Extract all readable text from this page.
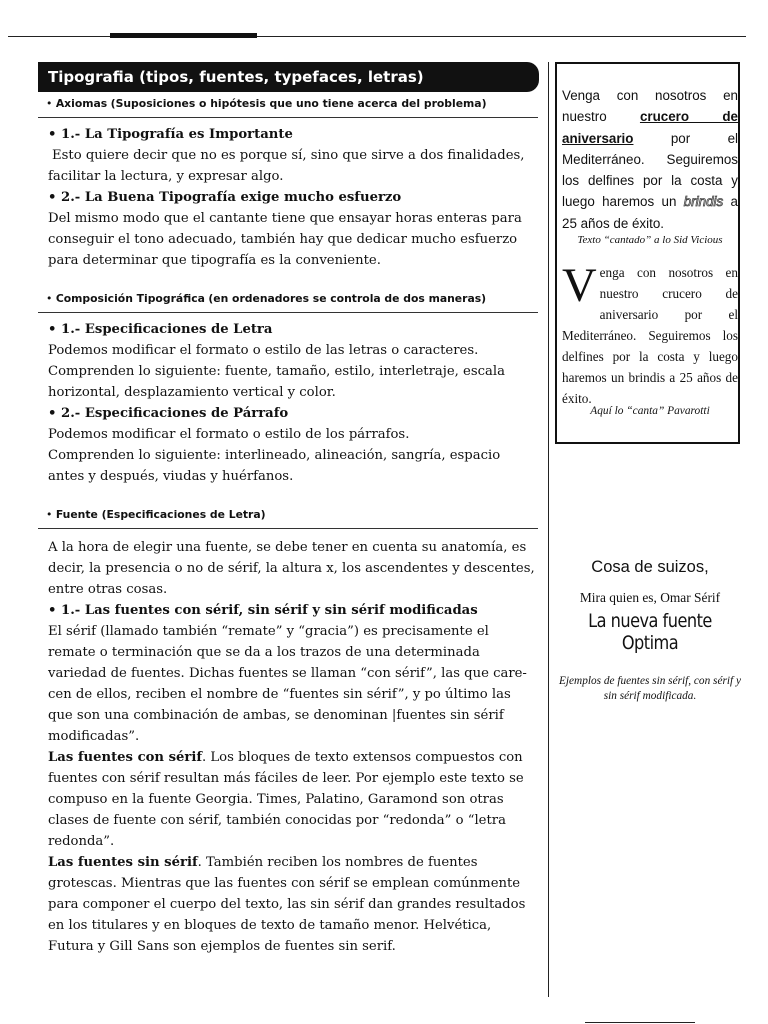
Tipografia (tipos, fuentes, typefaces, letras)
• Axiomas (Suposiciones o hipótesis que uno tiene acerca del problema)

• 1.- La Tipografía es Importante

Esto quiere decir que no es porque sí, sino que sirve a dos finalidades, facilitar la lectura, y expresar algo.

• 2.- La Buena Tipografía exige mucho esfuerzo

Del mismo modo que el cantante tiene que ensayar horas enteras para conseguir el tono adecuado, también hay que dedicar mucho esfuerzo para determinar que tipografía es la conveniente.

• Composición Tipográfica (en ordenadores se controla de dos maneras)

• 1.- Especificaciones de Letra

Podemos modificar el formato o estilo de las letras o caracteres.

Comprenden lo siguiente: fuente, tamaño, estilo, interletraje, escala horizontal, desplazamiento vertical y color.

• 2.- Especificaciones de Párrafo

Podemos modificar el formato o estilo de los párrafos.

Comprenden lo siguiente: interlineado, alineación, sangría, espacio antes y después, viudas y huérfanos.

• Fuente (Especificaciones de Letra)

A la hora de elegir una fuente, se debe tener en cuenta su anatomía, es decir, la presencia o no de sérif, la altura x, los ascendentes y descentes, entre otras cosas.

• 1.- Las fuentes con sérif, sin sérif y sin sérif modificadas

El sérif (llamado también “remate” y “gracia”) es precisamente el remate o terminación que se da a los trazos de una determinada variedad de fuentes. Dichas fuentes se llaman “con sérif”, las que care-cen de ellos, reciben el nombre de “fuentes sin sérif”, y po último las que son una combinación de ambas, se denominan |fuentes sin sérif modificadas”.

Las fuentes con sérif. Los bloques de texto extensos compuestos con fuentes con sérif resultan más fáciles de leer. Por ejemplo este texto se compuso en la fuente Georgia. Times, Palatino, Garamond son otras clases de fuente con sérif, también conocidas por “redonda” o “letra redonda”.

Las fuentes sin sérif. También reciben los nombres de fuentes grotescas. Mientras que las fuentes con sérif se emplean comúnmente para componer el cuerpo del texto, las sin sérif dan grandes resultados en los titulares y en bloques de texto de tamaño menor. Helvética, Futura y Gill Sans son ejemplos de fuentes sin serif.

Venga con nosotros en nuestro crucero de aniversario por el Mediterráneo. Seguiremos los delfines por la costa y luego haremos un brindis a 25 años de éxito.
Texto “cantado” a lo Sid Vicious
Venga con nosotros en nuestro crucero de aniversario por el Mediterráneo. Seguiremos los delfines por la costa y luego haremos un brindis a 25 años de éxito.
Aquí lo “canta” Pavarotti
Cosa de suizos,
Mira quien es, Omar Sérif
La nueva fuente Optima
Ejemplos de fuentes sin sérif, con sérif y sin sérif modificada.
